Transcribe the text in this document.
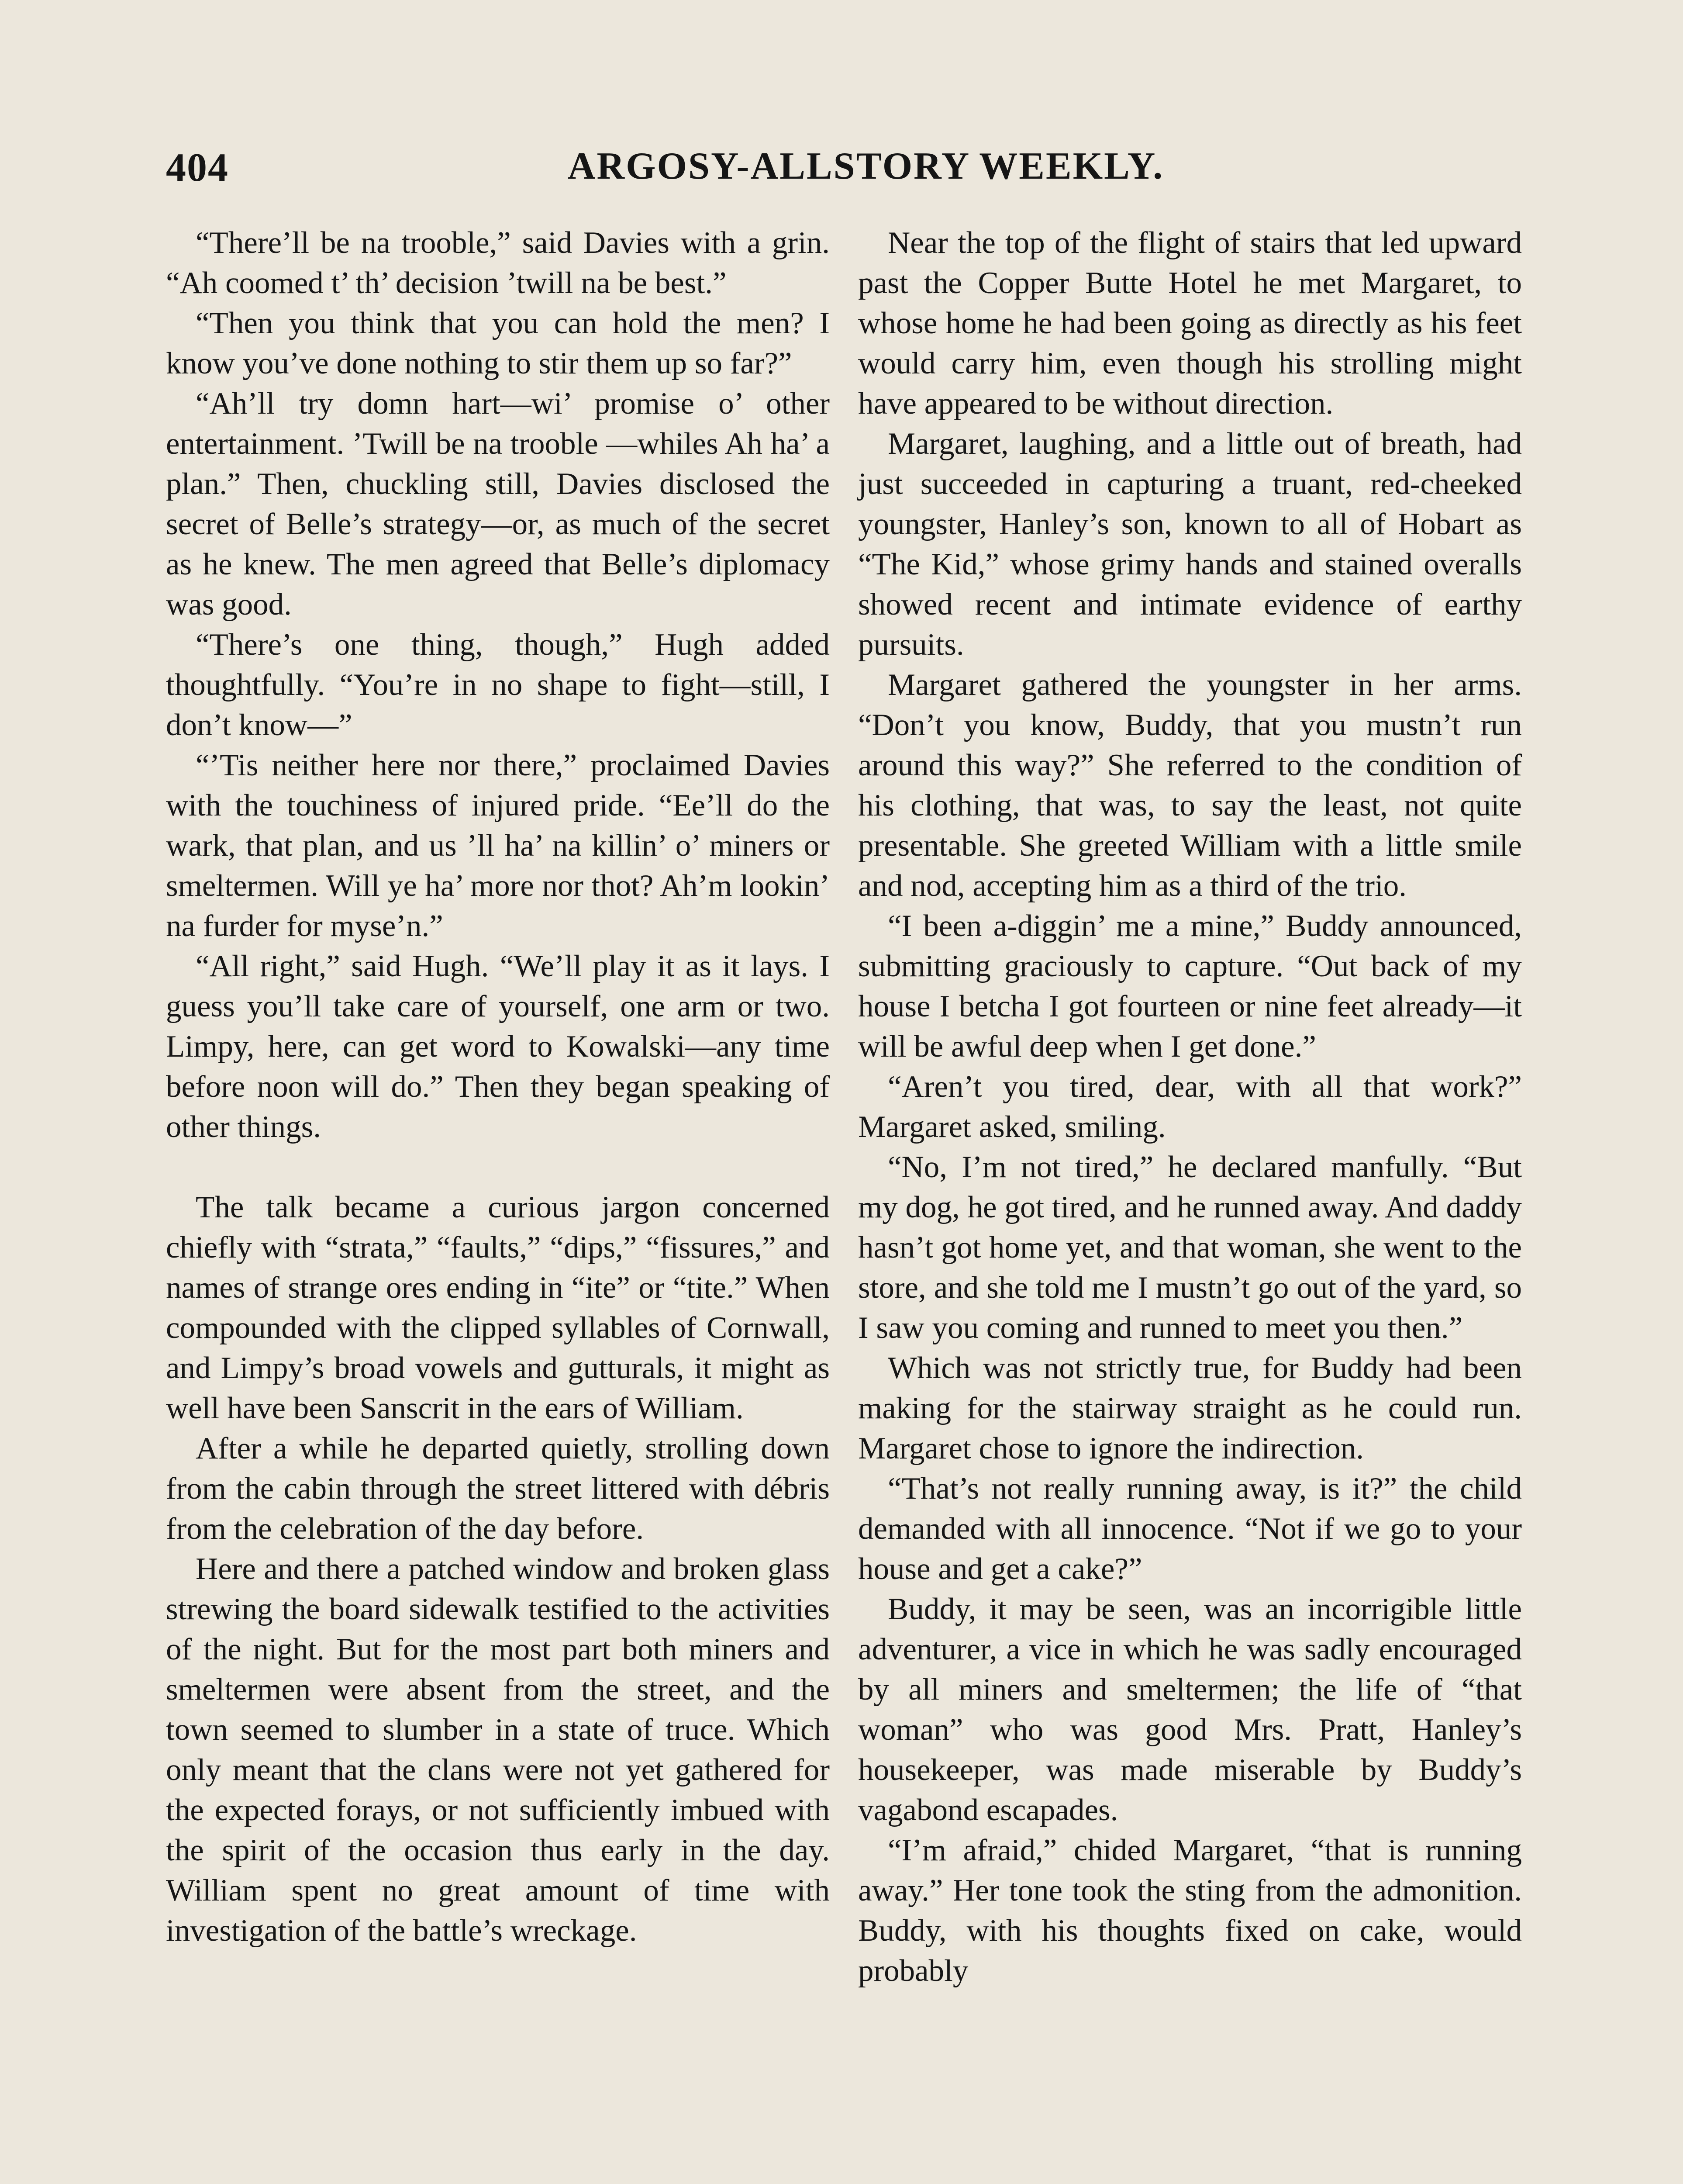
404	ARGOSY-ALLSTORY WEEKLY.

“There’ll be na trooble,” said Davies with a grin. “Ah coomed t’ th’ decision ’twill na be best.”

“Then you think that you can hold the men? I know you’ve done nothing to stir them up so far?”

“Ah’ll try domn hart—wi’ promise o’ other entertainment. ’Twill be na trooble —whiles Ah ha’ a plan.” Then, chuckling still, Davies disclosed the secret of Belle’s strategy—or, as much of the secret as he knew. The men agreed that Belle’s diplomacy was good.

“There’s one thing, though,” Hugh added thoughtfully. “You’re in no shape to fight—still, I don’t know—”

“’Tis neither here nor there,” proclaimed Davies with the touchiness of injured pride. “Ee’ll do the wark, that plan, and us ’ll ha’ na killin’ o’ miners or smeltermen. Will ye ha’ more nor thot? Ah’m lookin’ na furder for myse’n.”

“All right,” said Hugh. “We’ll play it as it lays. I guess you’ll take care of yourself, one arm or two. Limpy, here, can get word to Kowalski—any time before noon will do.” Then they began speaking of other things.

The talk became a curious jargon concerned chiefly with “strata,” “faults,” “dips,” “fissures,” and names of strange ores ending in “ite” or “tite.” When compounded with the clipped syllables of Cornwall, and Limpy’s broad vowels and gutturals, it might as well have been Sanscrit in the ears of William.

After a while he departed quietly, strolling down from the cabin through the street littered with débris from the celebration of the day before.

Here and there a patched window and broken glass strewing the board sidewalk testified to the activities of the night. But for the most part both miners and smeltermen were absent from the street, and the town seemed to slumber in a state of truce. Which only meant that the clans were not yet gathered for the expected forays, or not sufficiently imbued with the spirit of the occasion thus early in the day. William spent no great amount of time with investigation of the battle’s wreckage.

Near the top of the flight of stairs that led upward past the Copper Butte Hotel he met Margaret, to whose home he had been going as directly as his feet would carry him, even though his strolling might have appeared to be without direction.

Margaret, laughing, and a little out of breath, had just succeeded in capturing a truant, red-cheeked youngster, Hanley’s son, known to all of Hobart as “The Kid,” whose grimy hands and stained overalls showed recent and intimate evidence of earthy pursuits.

Margaret gathered the youngster in her arms. “Don’t you know, Buddy, that you mustn’t run around this way?” She referred to the condition of his clothing, that was, to say the least, not quite presentable. She greeted William with a little smile and nod, accepting him as a third of the trio.

“I been a-diggin’ me a mine,” Buddy announced, submitting graciously to capture. “Out back of my house I betcha I got fourteen or nine feet already—it will be awful deep when I get done.”

“Aren’t you tired, dear, with all that work?” Margaret asked, smiling.

“No, I’m not tired,” he declared manfully. “But my dog, he got tired, and he runned away. And daddy hasn’t got home yet, and that woman, she went to the store, and she told me I mustn’t go out of the yard, so I saw you coming and runned to meet you then.”

Which was not strictly true, for Buddy had been making for the stairway straight as he could run. Margaret chose to ignore the indirection.

“That’s not really running away, is it?” the child demanded with all innocence. “Not if we go to your house and get a cake?”

Buddy, it may be seen, was an incorrigible little adventurer, a vice in which he was sadly encouraged by all miners and smeltermen; the life of “that woman” who was good Mrs. Pratt, Hanley’s housekeeper, was made miserable by Buddy’s vagabond escapades.

“I’m afraid,” chided Margaret, “that is running away.” Her tone took the sting from the admonition. Buddy, with his thoughts fixed on cake, would probably
